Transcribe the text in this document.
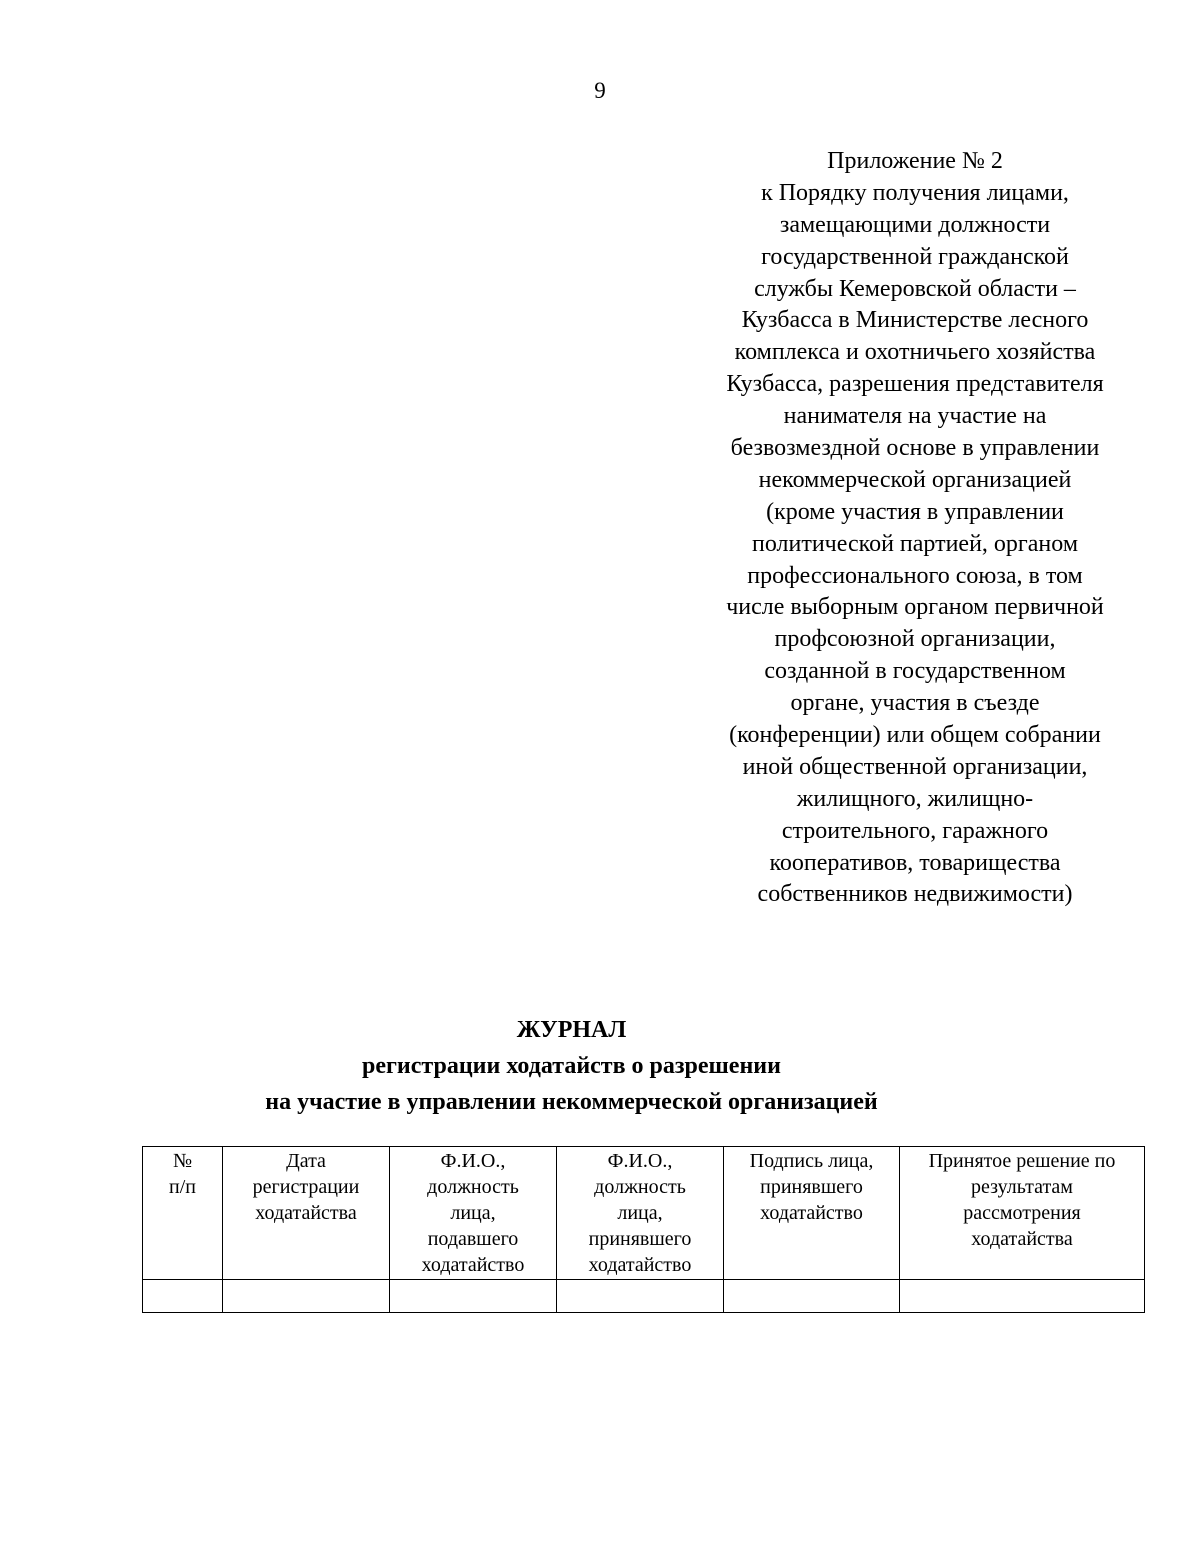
9
Приложение № 2
к Порядку получения лицами,
замещающими должности
государственной гражданской
службы Кемеровской области –
Кузбасса в Министерстве лесного
комплекса и охотничьего хозяйства
Кузбасса, разрешения представителя
нанимателя на участие на
безвозмездной основе в управлении
некоммерческой организацией
(кроме участия в управлении
политической партией, органом
профессионального союза, в том
числе выборным органом первичной
профсоюзной организации,
созданной в государственном
органе, участия в съезде
(конференции) или общем собрании
иной общественной организации,
жилищного, жилищно-
строительного, гаражного
кооперативов, товарищества
собственников недвижимости)
ЖУРНАЛ
регистрации ходатайств о разрешении
на участие в управлении некоммерческой организацией
№
п/п	Дата
регистрации
ходатайства	Ф.И.О.,
должность
лица,
подавшего
ходатайство	Ф.И.О.,
должность
лица,
принявшего
ходатайство	Подпись лица,
принявшего
ходатайство	Принятое решение по
результатам
рассмотрения
ходатайства
